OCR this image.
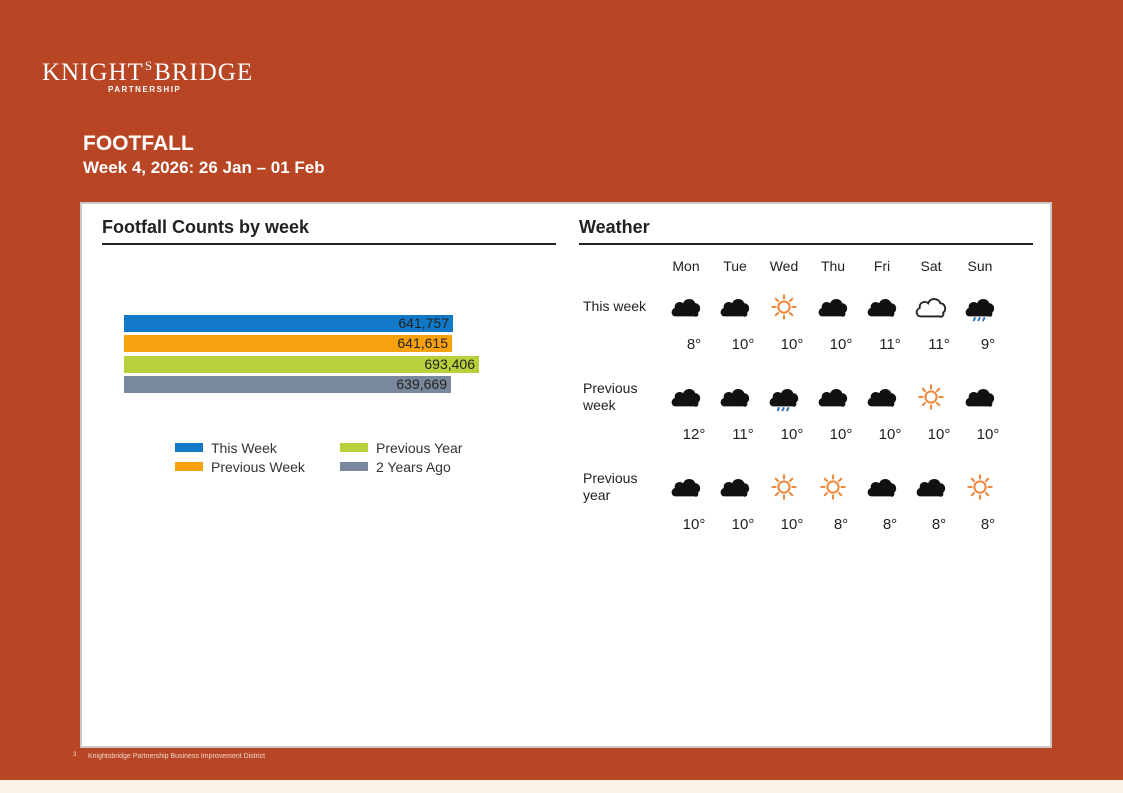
$KNIGHT^SBRIDGE$
PARTNERSHIP
FOOTFALL
Week 4, 2026: 26 Jan – 01 Feb
Footfall Counts by week
641,757
641,615
693,406
639,669
This Week	Previous Year
Previous Week	2 Years Ago
Weather
Mon	Tue	Wed	Thu	Fri	Sat	Sun
This week
8°	10°	10°	10°	11°	11°	9°
Previous week
12°	11°	10°	10°	10°	10°	10°
Previous year
10°	10°	10°	8°	8°	8°	8°
3 Knightsbridge Partnership Business Improvement District
